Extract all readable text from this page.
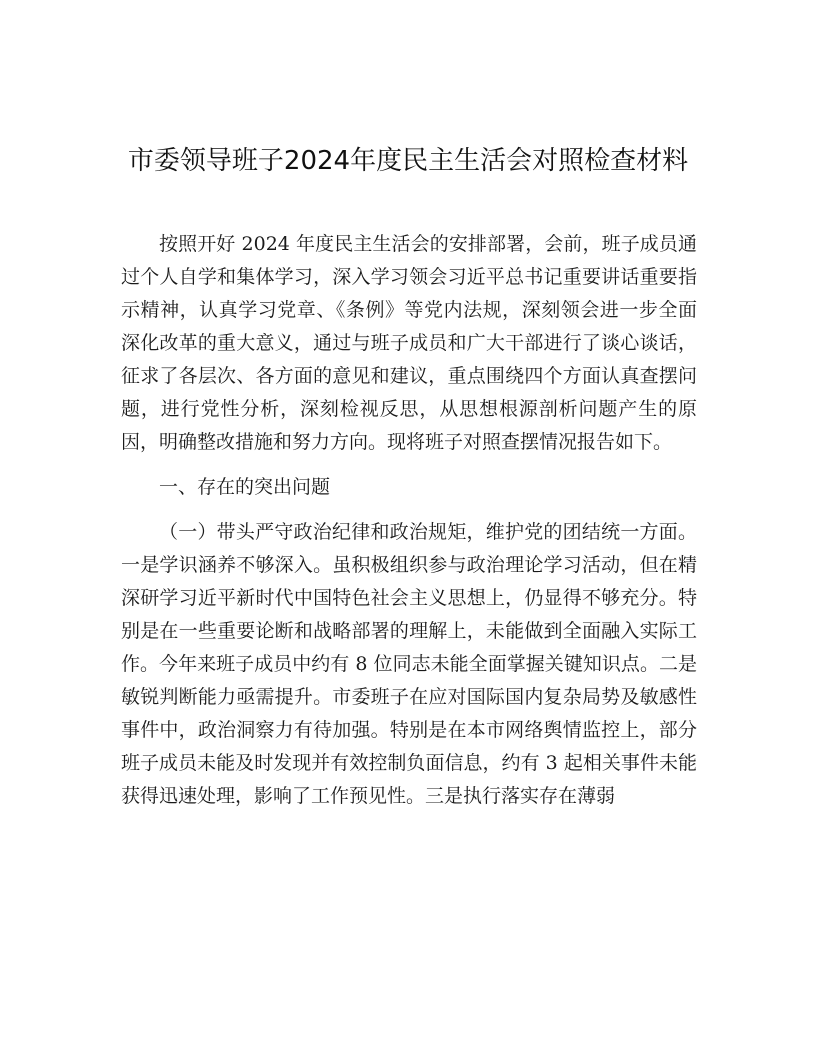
市委领导班子2024年度民主生活会对照检查材料

按照开好 2024 年度民主生活会的安排部署，会前，班子成员通过个人自学和集体学习，深入学习领会习近平总书记重要讲话重要指示精神，认真学习党章、《条例》等党内法规，深刻领会进一步全面深化改革的重大意义，通过与班子成员和广大干部进行了谈心谈话，征求了各层次、各方面的意见和建议，重点围绕四个方面认真查摆问题，进行党性分析，深刻检视反思，从思想根源剖析问题产生的原因，明确整改措施和努力方向。现将班子对照查摆情况报告如下。

一、存在的突出问题

（一）带头严守政治纪律和政治规矩，维护党的团结统一方面。一是学识涵养不够深入。虽积极组织参与政治理论学习活动，但在精深研学习近平新时代中国特色社会主义思想上，仍显得不够充分。特别是在一些重要论断和战略部署的理解上，未能做到全面融入实际工作。今年来班子成员中约有 8 位同志未能全面掌握关键知识点。二是敏锐判断能力亟需提升。市委班子在应对国际国内复杂局势及敏感性事件中，政治洞察力有待加强。特别是在本市网络舆情监控上，部分班子成员未能及时发现并有效控制负面信息，约有 3 起相关事件未能获得迅速处理，影响了工作预见性。三是执行落实存在薄弱
